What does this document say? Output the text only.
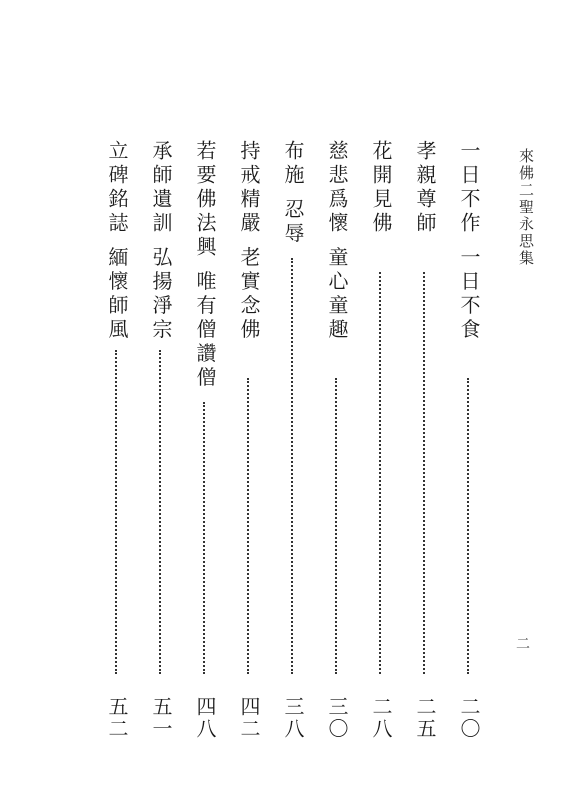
來佛二聖永思集
二
一日不作 一日不食
二〇
孝親尊師
二五
花開見佛
二八
慈悲爲懷 童心童趣
三〇
布施 忍辱
三八
持戒精嚴 老實念佛
四二
若要佛法興 唯有僧讚僧
四八
承師遺訓 弘揚淨宗
五一
立碑銘誌 緬懷師風
五二
